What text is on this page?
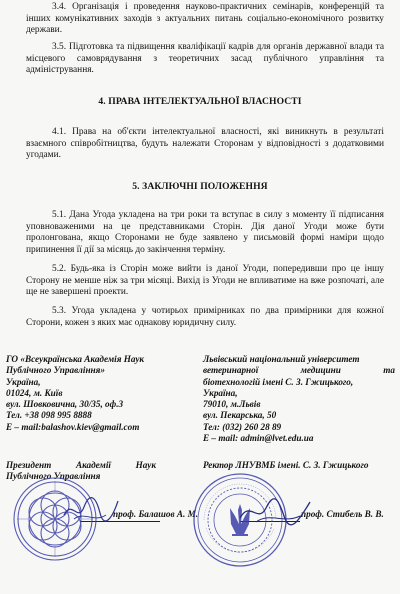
3.4. Організація і проведення науково-практичних семінарів, конференцій та інших комунікативних заходів з актуальних питань соціально-економічного розвитку держави.

3.5. Підготовка та підвищення кваліфікації кадрів для органів державної влади та місцевого самоврядування з теоретичних засад публічного управління та адміністрування.

4. ПРАВА ІНТЕЛЕКТУАЛЬНОЇ ВЛАСНОСТІ

4.1. Права на об'єкти інтелектуальної власності, які виникнуть в результаті взаємного співробітництва, будуть належати Сторонам у відповідності з додатковими угодами.

5. ЗАКЛЮЧНІ ПОЛОЖЕННЯ

5.1. Дана Угода укладена на три роки та вступає в силу з моменту її підписання уповноваженими на це представниками Сторін. Дія даної Угоди може бути пролонгована, якщо Сторонами не буде заявлено у письмовій формі наміри щодо припинення її дії за місяць до закінчення терміну.

5.2. Будь-яка із Сторін може вийти із даної Угоди, попередивши про це іншу Сторону не менше ніж за три місяці. Вихід із Угоди не впливатиме на вже розпочаті, але ще не завершені проекти.

5.3. Угода укладена у чотирьох примірниках по два примірники для кожної Сторони, кожен з яких має однакову юридичну силу.

ГО «Всеукраїнська Академія Наук
Публічного Управління»
Україна,
01024, м. Київ
вул. Шовковична, 30/35, оф.3
Тел. +38 098 995 8888
E – mail:balashov.kiev@gmail.com
Львівський національний університет
ветеринарної	медицини	та
біотехнологій імені С. З. Гжицького,
Україна,
79010, м.Львів
вул. Пекарська, 50
Тел: (032) 260 28 89
E – mail: admin@lvet.edu.ua
Президент	Академії	Наук
Публічного Управління
Ректор ЛНУВМБ імені. С. З. Гжицького
проф. Балашов А. М.	проф. Стибель В. В.
